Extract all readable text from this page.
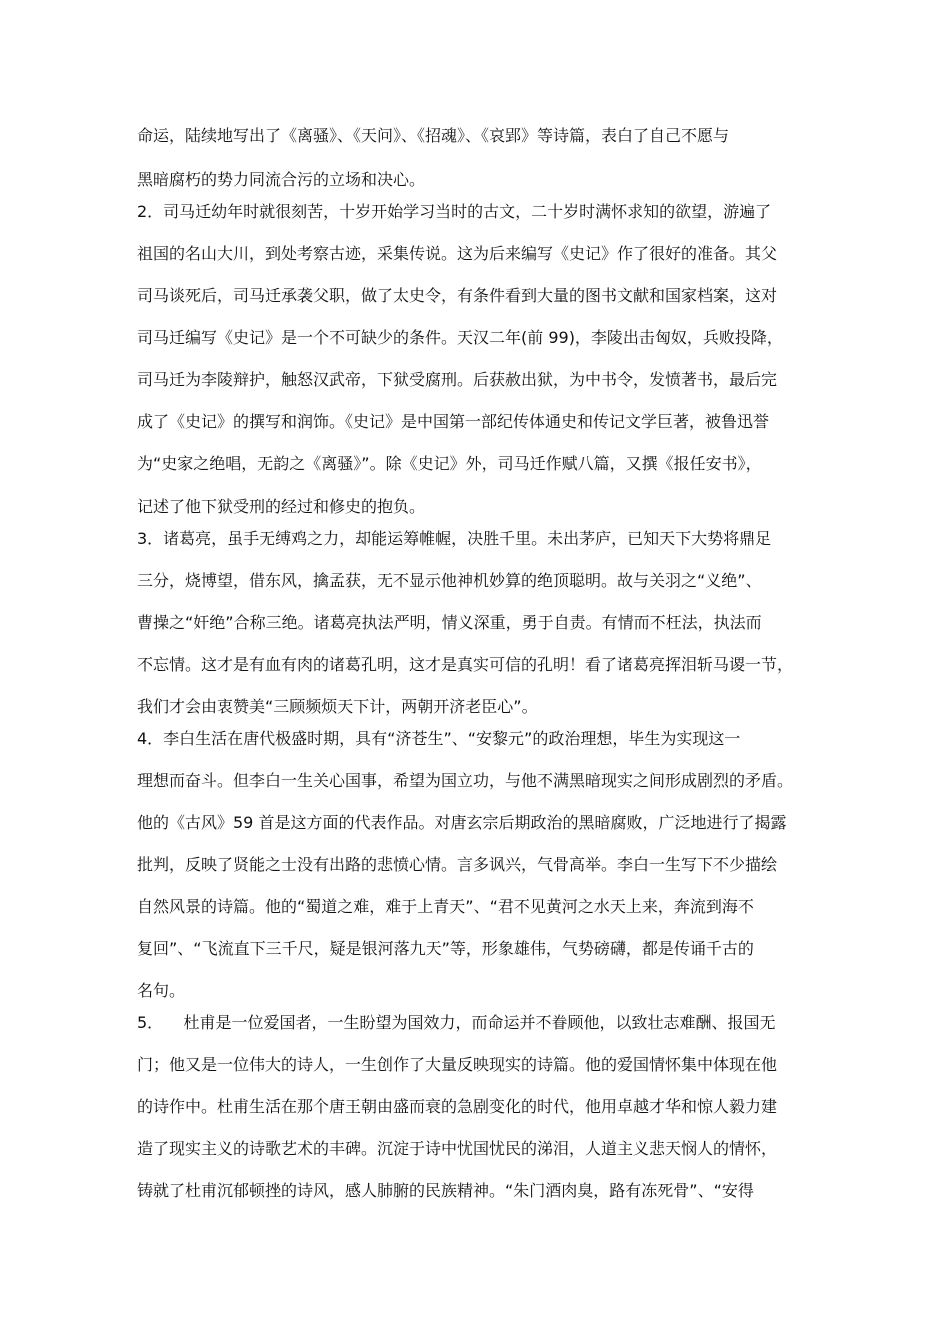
命运，陆续地写出了《离骚》、《天问》、《招魂》、《哀郢》等诗篇，表白了自己不愿与
黑暗腐朽的势力同流合污的立场和决心。
2．司马迁幼年时就很刻苦，十岁开始学习当时的古文，二十岁时满怀求知的欲望，游遍了
祖国的名山大川，到处考察古迹，采集传说。这为后来编写《史记》作了很好的准备。其父
司马谈死后，司马迁承袭父职，做了太史令，有条件看到大量的图书文献和国家档案，这对
司马迁编写《史记》是一个不可缺少的条件。天汉二年(前 99)，李陵出击匈奴，兵败投降，
司马迁为李陵辩护，触怒汉武帝，下狱受腐刑。后获赦出狱，为中书令，发愤著书，最后完
成了《史记》的撰写和润饰。《史记》是中国第一部纪传体通史和传记文学巨著，被鲁迅誉
为“史家之绝唱，无韵之《离骚》”。除《史记》外，司马迁作赋八篇，又撰《报任安书》，
记述了他下狱受刑的经过和修史的抱负。
3．诸葛亮，虽手无缚鸡之力，却能运筹帷幄，决胜千里。未出茅庐，已知天下大势将鼎足
三分，烧博望，借东风，擒孟获，无不显示他神机妙算的绝顶聪明。故与关羽之“义绝”、
曹操之“奸绝”合称三绝。诸葛亮执法严明，情义深重，勇于自责。有情而不枉法，执法而
不忘情。这才是有血有肉的诸葛孔明，这才是真实可信的孔明！看了诸葛亮挥泪斩马谡一节，
我们才会由衷赞美“三顾频烦天下计，两朝开济老臣心”。
4．李白生活在唐代极盛时期，具有“济苍生”、“安黎元”的政治理想，毕生为实现这一
理想而奋斗。但李白一生关心国事，希望为国立功，与他不满黑暗现实之间形成剧烈的矛盾。
他的《古风》59 首是这方面的代表作品。对唐玄宗后期政治的黑暗腐败，广泛地进行了揭露
批判，反映了贤能之士没有出路的悲愤心情。言多讽兴，气骨高举。李白一生写下不少描绘
自然风景的诗篇。他的“蜀道之难，难于上青天”、“君不见黄河之水天上来，奔流到海不
复回”、“飞流直下三千尺，疑是银河落九天”等，形象雄伟，气势磅礴，都是传诵千古的
名句。
5．    杜甫是一位爱国者，一生盼望为国效力，而命运并不眷顾他，以致壮志难酬、报国无
门；他又是一位伟大的诗人，一生创作了大量反映现实的诗篇。他的爱国情怀集中体现在他
的诗作中。杜甫生活在那个唐王朝由盛而衰的急剧变化的时代，他用卓越才华和惊人毅力建
造了现实主义的诗歌艺术的丰碑。沉淀于诗中忧国忧民的涕泪，人道主义悲天悯人的情怀，
铸就了杜甫沉郁顿挫的诗风，感人肺腑的民族精神。“朱门酒肉臭，路有冻死骨”、“安得
